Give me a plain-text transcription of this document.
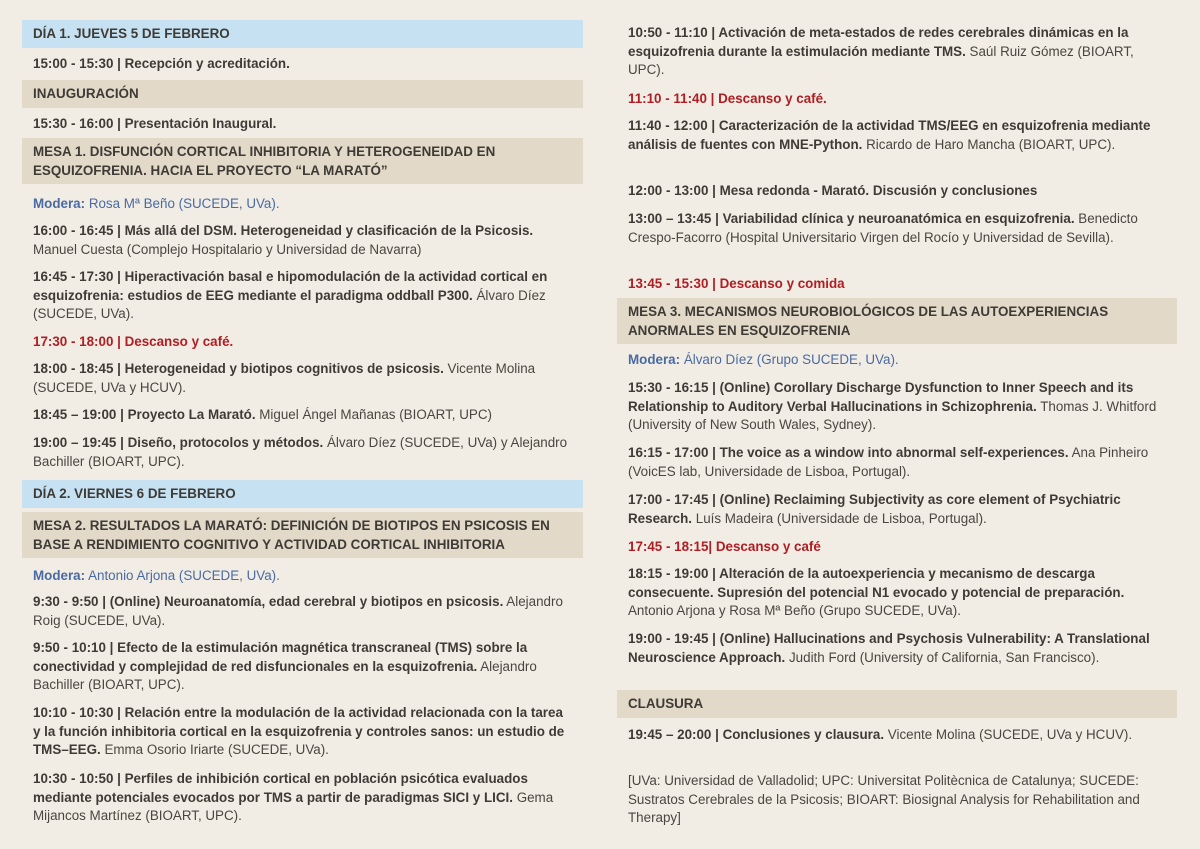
DÍA 1. JUEVES 5 DE FEBRERO

15:00 - 15:30 | Recepción y acreditación.

INAUGURACIÓN

15:30 - 16:00 | Presentación Inaugural.

MESA 1. DISFUNCIÓN CORTICAL INHIBITORIA Y HETEROGENEIDAD EN ESQUIZOFRENIA. HACIA EL PROYECTO “LA MARATÓ”

Modera: Rosa Mª Beño (SUCEDE, UVa).

16:00 - 16:45 | Más allá del DSM. Heterogeneidad y clasificación de la Psicosis. Manuel Cuesta (Complejo Hospitalario y Universidad de Navarra)

16:45 - 17:30 | Hiperactivación basal e hipomodulación de la actividad cortical en esquizofrenia: estudios de EEG mediante el paradigma oddball P300. Álvaro Díez (SUCEDE, UVa).

17:30 - 18:00 | Descanso y café.

18:00 - 18:45 | Heterogeneidad y biotipos cognitivos de psicosis. Vicente Molina (SUCEDE, UVa y HCUV).

18:45 – 19:00 | Proyecto La Marató. Miguel Ángel Mañanas (BIOART, UPC)

19:00 – 19:45 | Diseño, protocolos y métodos. Álvaro Díez (SUCEDE, UVa) y Alejandro Bachiller (BIOART, UPC).

DÍA 2. VIERNES 6 DE FEBRERO
MESA 2. RESULTADOS LA MARATÓ: DEFINICIÓN DE BIOTIPOS EN PSICOSIS EN BASE A RENDIMIENTO COGNITIVO Y ACTIVIDAD CORTICAL INHIBITORIA

Modera: Antonio Arjona (SUCEDE, UVa).

9:30 - 9:50 | (Online) Neuroanatomía, edad cerebral y biotipos en psicosis. Alejandro Roig (SUCEDE, UVa).

9:50 - 10:10 | Efecto de la estimulación magnética transcraneal (TMS) sobre la conectividad y complejidad de red disfuncionales en la esquizofrenia. Alejandro Bachiller (BIOART, UPC).

10:10 - 10:30 | Relación entre la modulación de la actividad relacionada con la tarea y la función inhibitoria cortical en la esquizofrenia y controles sanos: un estudio de TMS–EEG. Emma Osorio Iriarte (SUCEDE, UVa).

10:30 - 10:50 | Perfiles de inhibición cortical en población psicótica evaluados mediante potenciales evocados por TMS a partir de paradigmas SICI y LICI. Gema Mijancos Martínez (BIOART, UPC).

10:50 - 11:10 | Activación de meta-estados de redes cerebrales dinámicas en la esquizofrenia durante la estimulación mediante TMS. Saúl Ruiz Gómez (BIOART, UPC).

11:10 - 11:40 | Descanso y café.

11:40 - 12:00 | Caracterización de la actividad TMS/EEG en esquizofrenia mediante análisis de fuentes con MNE-Python. Ricardo de Haro Mancha (BIOART, UPC).

12:00 - 13:00 | Mesa redonda - Marató. Discusión y conclusiones

13:00 – 13:45 | Variabilidad clínica y neuroanatómica en esquizofrenia. Benedicto Crespo-Facorro (Hospital Universitario Virgen del Rocío y Universidad de Sevilla).

13:45 - 15:30 | Descanso y comida

MESA 3. MECANISMOS NEUROBIOLÓGICOS DE LAS AUTOEXPERIENCIAS ANORMALES EN ESQUIZOFRENIA

Modera: Álvaro Díez (Grupo SUCEDE, UVa).

15:30 - 16:15 | (Online) Corollary Discharge Dysfunction to Inner Speech and its Relationship to Auditory Verbal Hallucinations in Schizophrenia. Thomas J. Whitford (University of New South Wales, Sydney).

16:15 - 17:00 | The voice as a window into abnormal self-experiences. Ana Pinheiro (VoicES lab, Universidade de Lisboa, Portugal).

17:00 - 17:45 | (Online) Reclaiming Subjectivity as core element of Psychiatric Research. Luís Madeira (Universidade de Lisboa, Portugal).

17:45 - 18:15| Descanso y café

18:15 - 19:00 | Alteración de la autoexperiencia y mecanismo de descarga consecuente. Supresión del potencial N1 evocado y potencial de preparación. Antonio Arjona y Rosa Mª Beño (Grupo SUCEDE, UVa).

19:00 - 19:45 | (Online) Hallucinations and Psychosis Vulnerability: A Translational Neuroscience Approach. Judith Ford (University of California, San Francisco).

CLAUSURA

19:45 – 20:00 | Conclusiones y clausura. Vicente Molina (SUCEDE, UVa y HCUV).

[UVa: Universidad de Valladolid; UPC: Universitat Politècnica de Catalunya; SUCEDE: Sustratos Cerebrales de la Psicosis; BIOART: Biosignal Analysis for Rehabilitation and Therapy]
